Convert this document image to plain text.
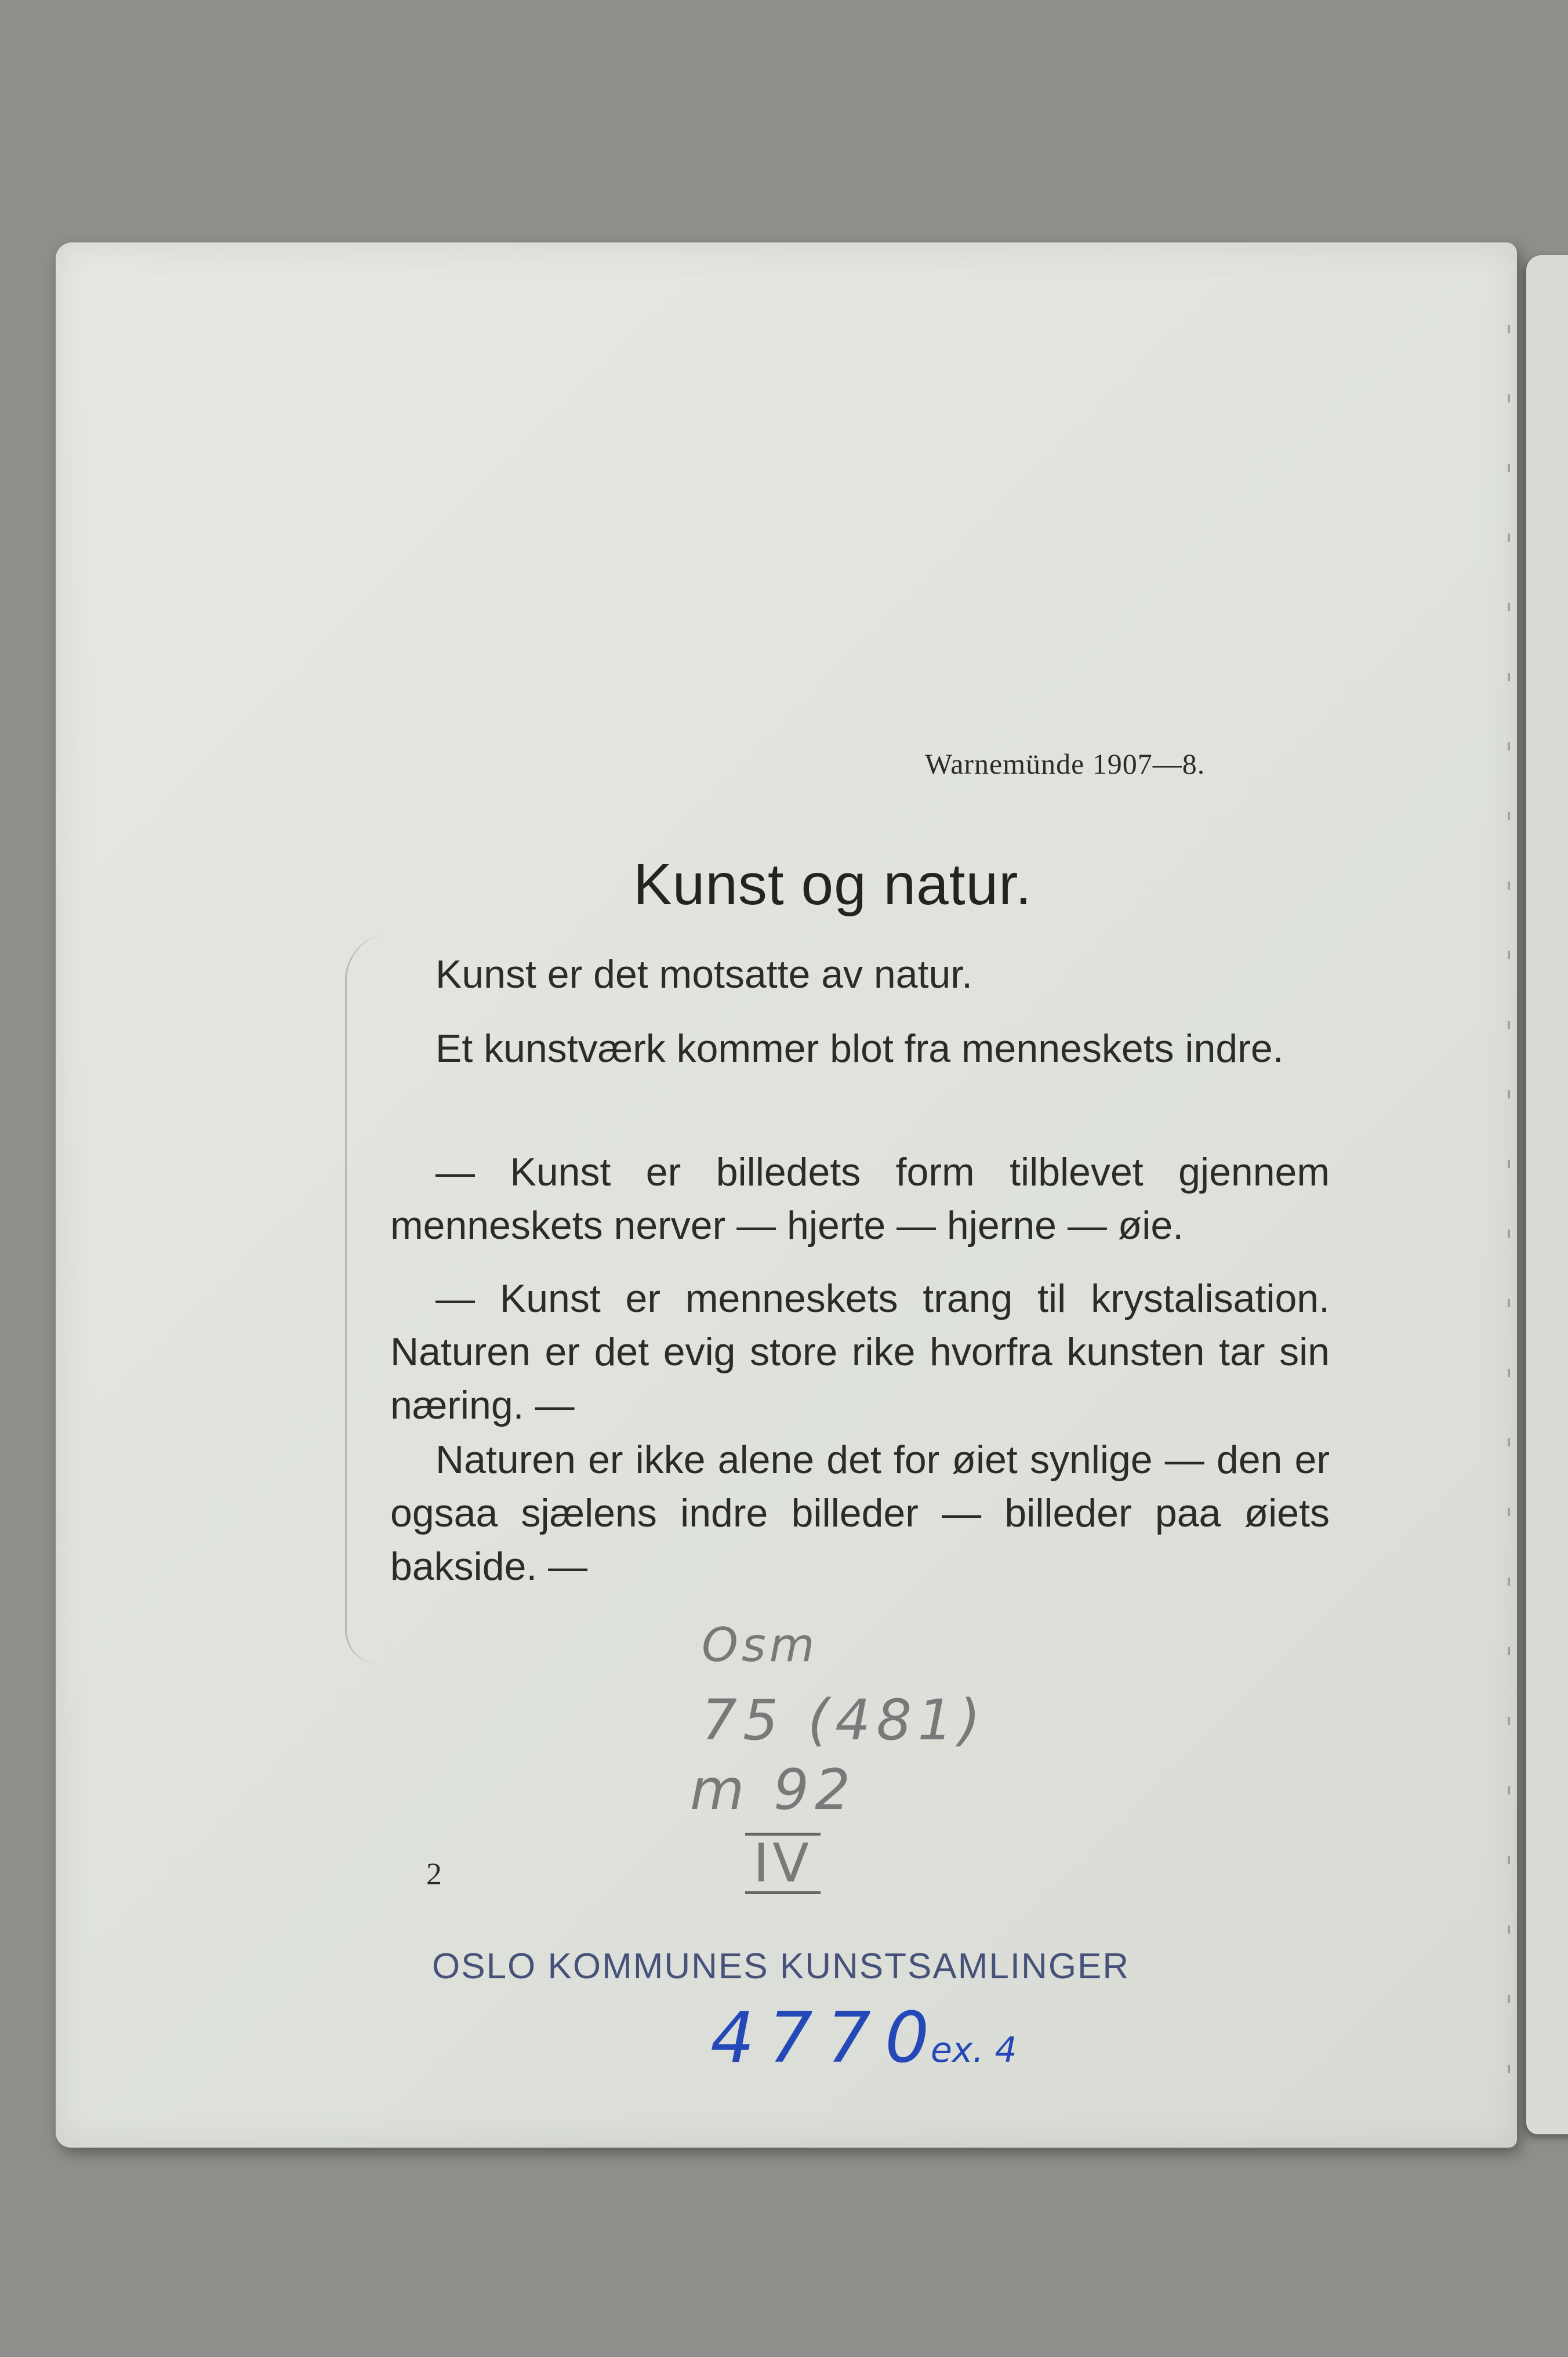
Warnemünde 1907—8.
Kunst og natur.
Kunst er det motsatte av natur.
Et kunstværk kommer blot fra menneskets indre.
— Kunst er billedets form tilblevet gjennem menneskets nerver — hjerte — hjerne — øie.
— Kunst er menneskets trang til krystalisation. Naturen er det evig store rike hvorfra kunsten tar sin næring. —
Naturen er ikke alene det for øiet synlige — den er ogsaa sjælens indre billeder — billeder paa øiets bakside. —
Osm
75 (481)
m 92
IV
2
OSLO KOMMUNES KUNSTSAMLINGER
4770
ex. 4
